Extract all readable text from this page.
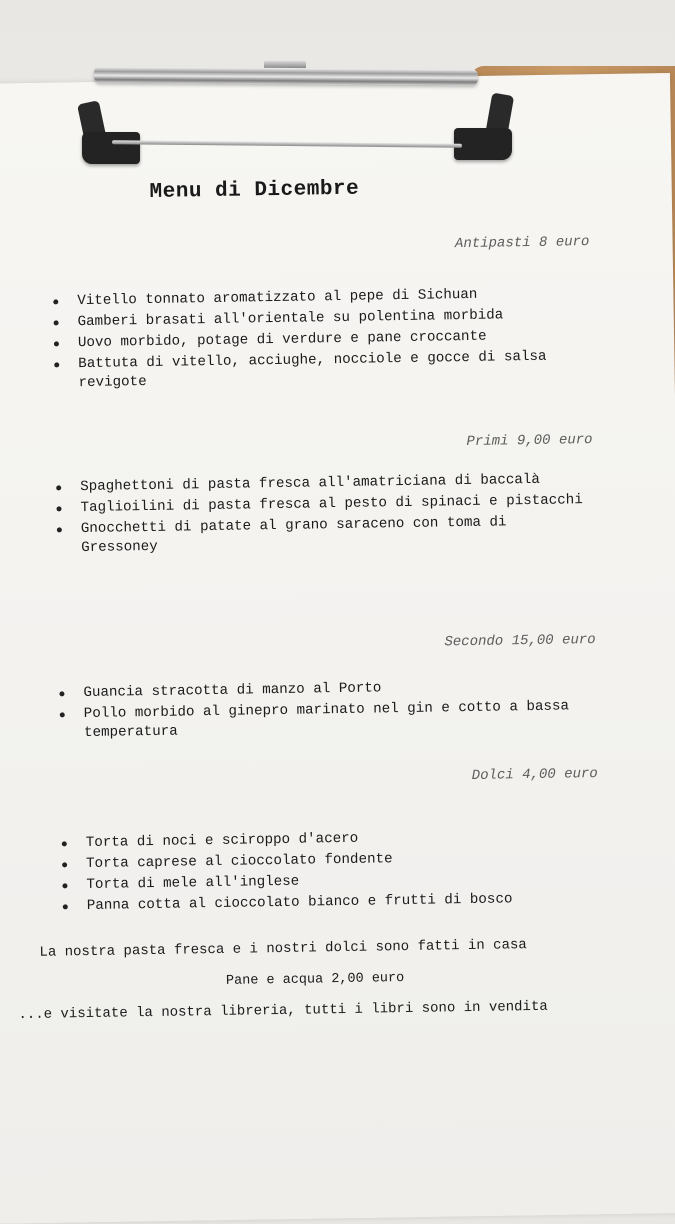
Menu di Dicembre
Antipasti 8 euro
Vitello tonnato aromatizzato al pepe di Sichuan
Gamberi brasati all'orientale su polentina morbida
Uovo morbido, potage di verdure e pane croccante
Battuta di vitello, acciughe, nocciole e gocce di salsa revigote
Primi 9,00 euro
Spaghettoni di pasta fresca all'amatriciana di baccalà
Taglioilini di pasta fresca al pesto di spinaci e pistacchi
Gnocchetti di patate al grano saraceno con toma di Gressoney
Secondo 15,00 euro
Guancia stracotta di manzo al Porto
Pollo morbido al ginepro marinato nel gin e cotto a bassa temperatura
Dolci 4,00 euro
Torta di noci e sciroppo d'acero
Torta caprese al cioccolato fondente
Torta di mele all'inglese
Panna cotta al cioccolato bianco e frutti di bosco
La nostra pasta fresca e i nostri dolci sono fatti in casa
Pane e acqua 2,00 euro
...e visitate la nostra libreria, tutti i libri sono in vendita
